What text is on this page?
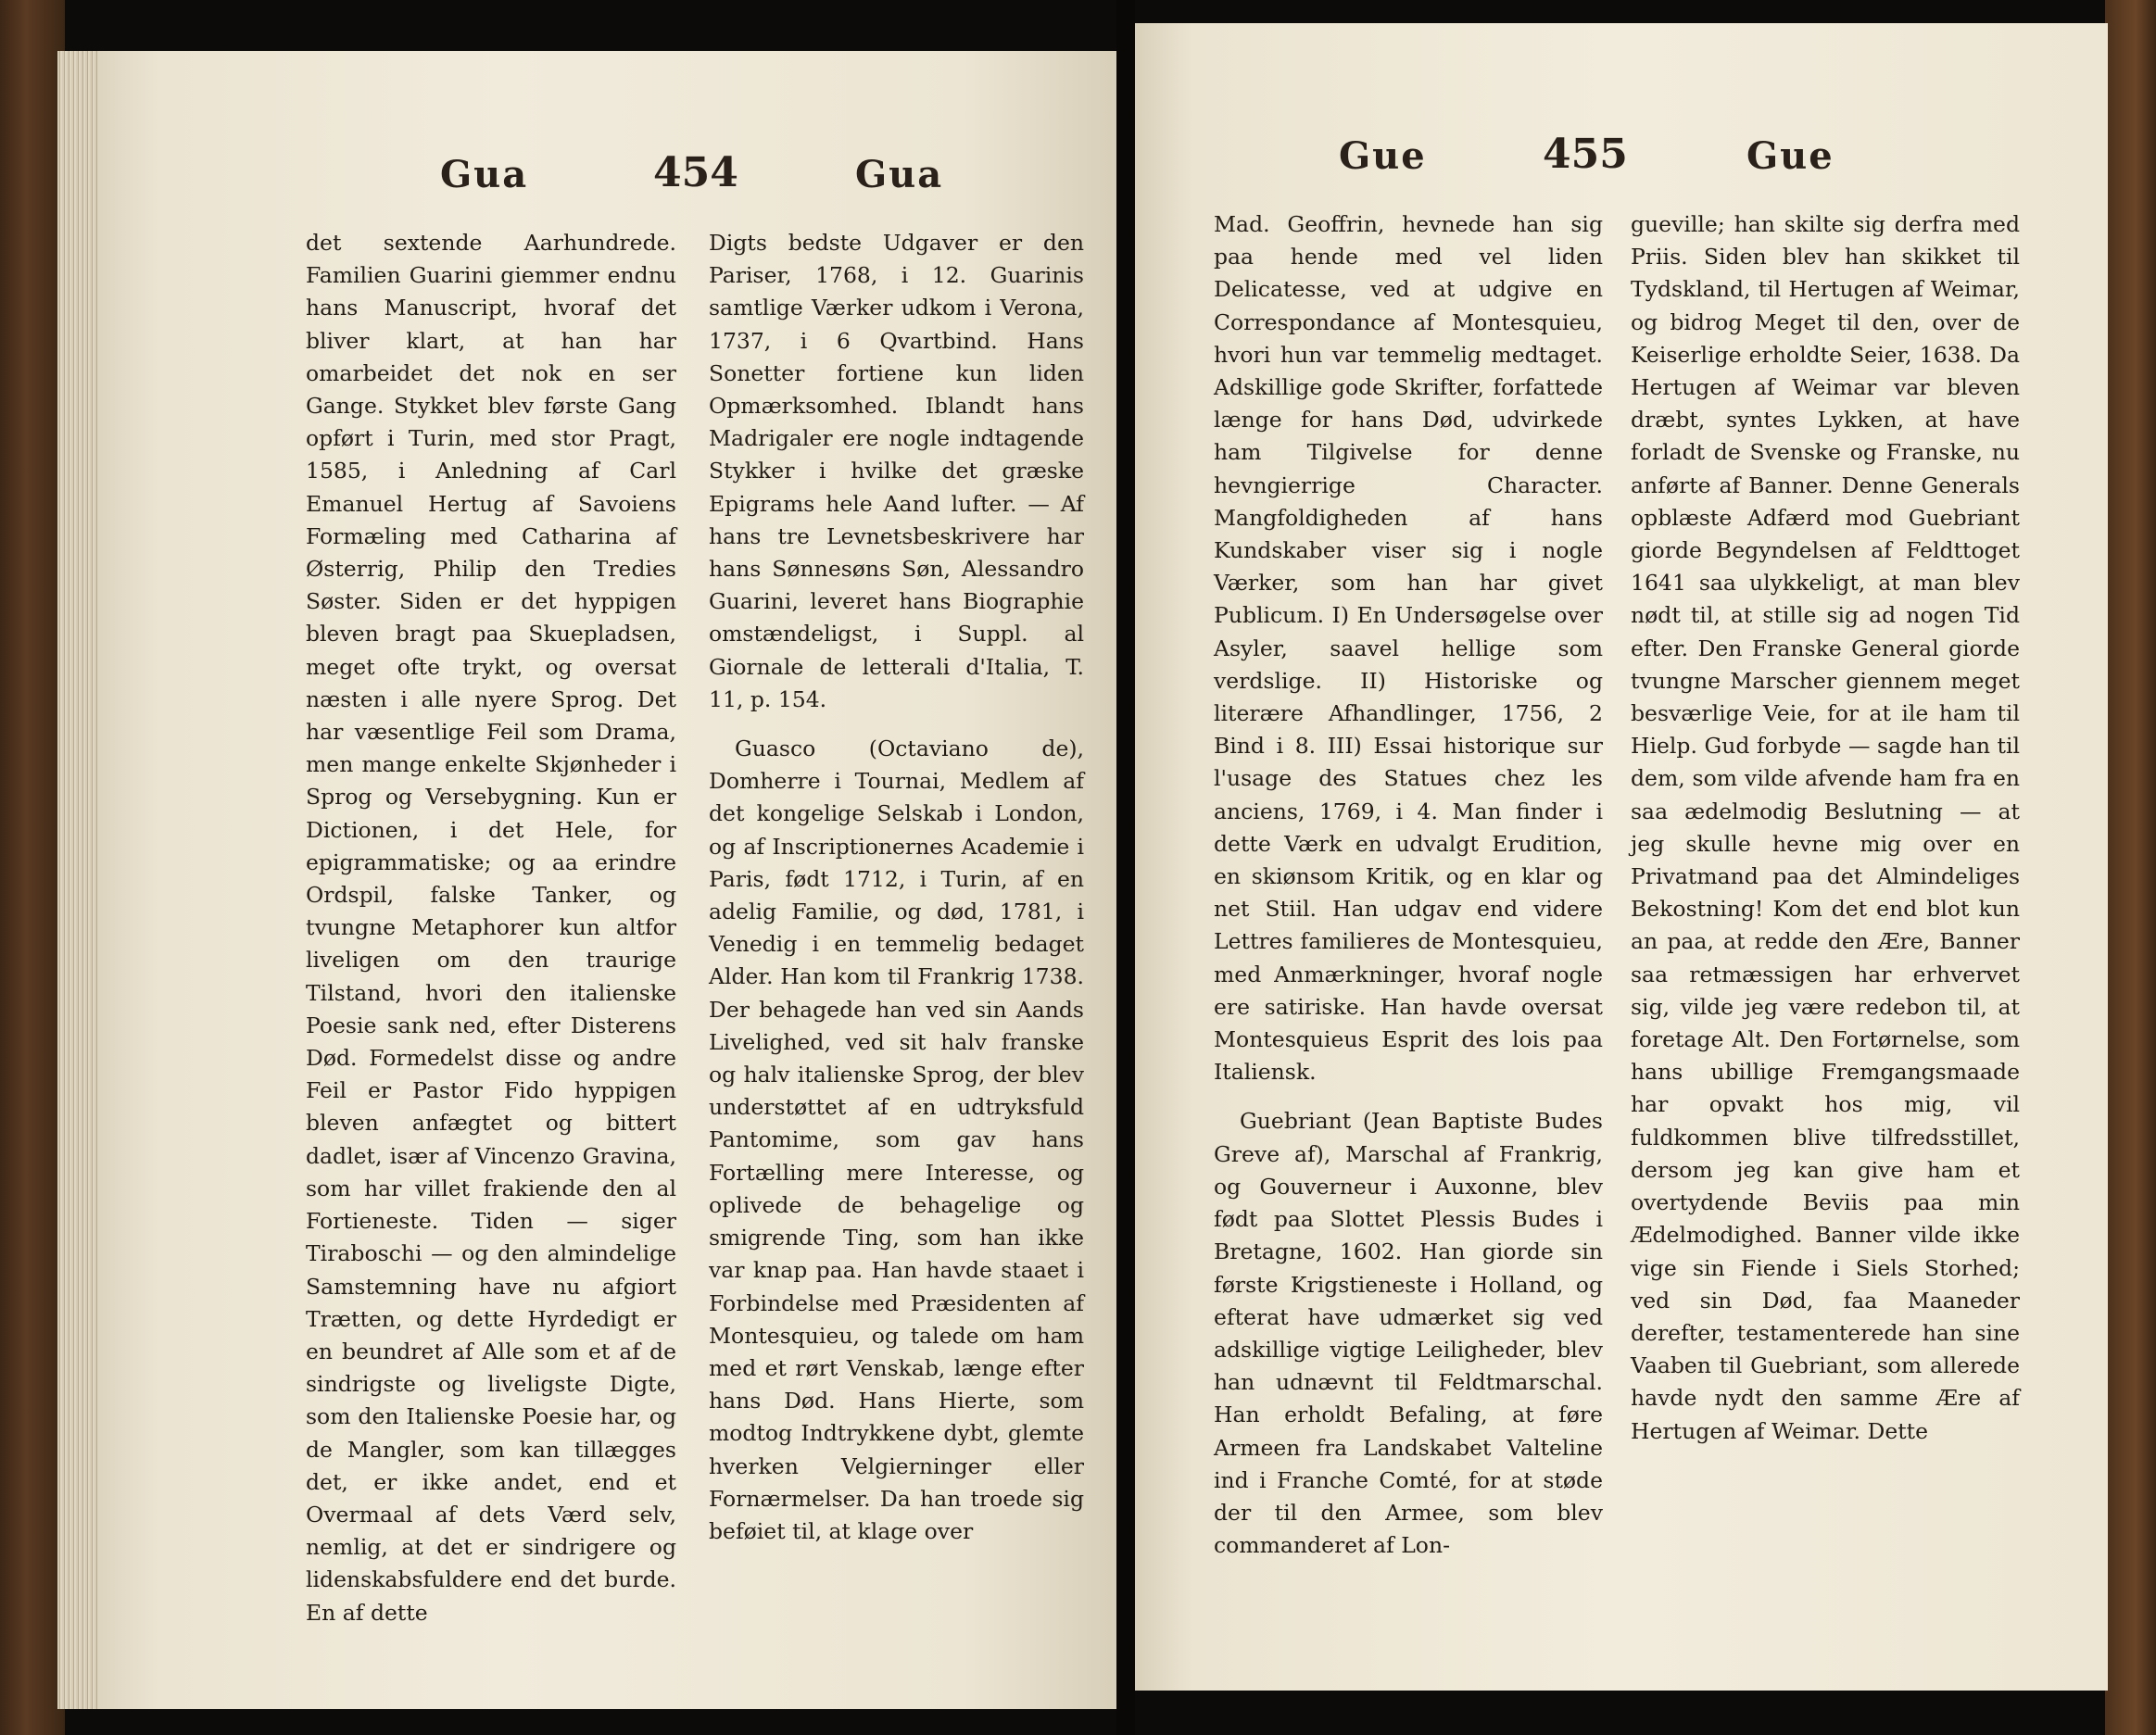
Gua	454	Gua

det sextende Aarhundrede. Familien Guarini giemmer endnu hans Manuscript, hvoraf det bliver klart, at han har omarbeidet det nok en ser Gange. Stykket blev første Gang opført i Turin, med stor Pragt, 1585, i Anledning af Carl Emanuel Hertug af Savoiens Formæling med Catharina af Østerrig, Philip den Tredies Søster. Siden er det hyppigen bleven bragt paa Skuepladsen, meget ofte trykt, og oversat næsten i alle nyere Sprog. Det har væsentlige Feil som Drama, men mange enkelte Skjønheder i Sprog og Versebygning. Kun er Dictionen, i det Hele, for epigrammatiske; og aa erindre Ordspil, falske Tanker, og tvungne Metaphorer kun altfor liveligen om den traurige Tilstand, hvori den italienske Poesie sank ned, efter Disterens Død. Formedelst disse og andre Feil er Pastor Fido hyppigen bleven anfægtet og bittert dadlet, især af Vincenzo Gravina, som har villet frakiende den al Fortieneste. Tiden — siger Tiraboschi — og den almindelige Samstemning have nu afgiort Trætten, og dette Hyrdedigt er en beundret af Alle som et af de sindrigste og liveligste Digte, som den Italienske Poesie har, og de Mangler, som kan tillægges det, er ikke andet, end et Overmaal af dets Værd selv, nemlig, at det er sindrigere og lidenskabsfuldere end det burde. En af dette

Digts bedste Udgaver er den Pariser, 1768, i 12. Guarinis samtlige Værker udkom i Verona, 1737, i 6 Qvartbind. Hans Sonetter fortiene kun liden Opmærksomhed. Iblandt hans Madrigaler ere nogle indtagende Stykker i hvilke det græske Epigrams hele Aand lufter. — Af hans tre Levnetsbeskrivere har hans Sønnesøns Søn, Alessandro Guarini, leveret hans Biographie omstændeligst, i Suppl. al Giornale de letterali d'Italia, T. 11, p. 154.

Guasco (Octaviano de), Domherre i Tournai, Medlem af det kongelige Selskab i London, og af Inscriptionernes Academie i Paris, født 1712, i Turin, af en adelig Familie, og død, 1781, i Venedig i en temmelig bedaget Alder. Han kom til Frankrig 1738. Der behagede han ved sin Aands Livelighed, ved sit halv franske og halv italienske Sprog, der blev understøttet af en udtryksfuld Pantomime, som gav hans Fortælling mere Interesse, og oplivede de behagelige og smigrende Ting, som han ikke var knap paa. Han havde staaet i Forbindelse med Præsidenten af Montesquieu, og talede om ham med et rørt Venskab, længe efter hans Død. Hans Hierte, som modtog Indtrykkene dybt, glemte hverken Velgierninger eller Fornærmelser. Da han troede sig beføiet til, at klage over

Gue	455	Gue

Mad. Geoffrin, hevnede han sig paa hende med vel liden Delicatesse, ved at udgive en Correspondance af Montesquieu, hvori hun var temmelig medtaget. Adskillige gode Skrifter, forfattede længe for hans Død, udvirkede ham Tilgivelse for denne hevngierrige Character. Mangfoldigheden af hans Kundskaber viser sig i nogle Værker, som han har givet Publicum. I) En Undersøgelse over Asyler, saavel hellige som verdslige. II) Historiske og literære Afhandlinger, 1756, 2 Bind i 8. III) Essai historique sur l'usage des Statues chez les anciens, 1769, i 4. Man finder i dette Værk en udvalgt Erudition, en skiønsom Kritik, og en klar og net Stiil. Han udgav end videre Lettres familieres de Montesquieu, med Anmærkninger, hvoraf nogle ere satiriske. Han havde oversat Montesquieus Esprit des lois paa Italiensk.

Guebriant (Jean Baptiste Budes Greve af), Marschal af Frankrig, og Gouverneur i Auxonne, blev født paa Slottet Plessis Budes i Bretagne, 1602. Han giorde sin første Krigstieneste i Holland, og efterat have udmærket sig ved adskillige vigtige Leiligheder, blev han udnævnt til Feldtmarschal. Han erholdt Befaling, at føre Armeen fra Landskabet Valteline ind i Franche Comté, for at støde der til den Armee, som blev commanderet af Lon-

gueville; han skilte sig derfra med Priis. Siden blev han skikket til Tydskland, til Hertugen af Weimar, og bidrog Meget til den, over de Keiserlige erholdte Seier, 1638. Da Hertugen af Weimar var bleven dræbt, syntes Lykken, at have forladt de Svenske og Franske, nu anførte af Banner. Denne Generals opblæste Adfærd mod Guebriant giorde Begyndelsen af Feldttoget 1641 saa ulykkeligt, at man blev nødt til, at stille sig ad nogen Tid efter. Den Franske General giorde tvungne Marscher giennem meget besværlige Veie, for at ile ham til Hielp. Gud forbyde — sagde han til dem, som vilde afvende ham fra en saa ædelmodig Beslutning — at jeg skulle hevne mig over en Privatmand paa det Almindeliges Bekostning! Kom det end blot kun an paa, at redde den Ære, Banner saa retmæssigen har erhvervet sig, vilde jeg være redebon til, at foretage Alt. Den Fortørnelse, som hans ubillige Fremgangsmaade har opvakt hos mig, vil fuldkommen blive tilfredsstillet, dersom jeg kan give ham et overtydende Beviis paa min Ædelmodighed. Banner vilde ikke vige sin Fiende i Siels Storhed; ved sin Død, faa Maaneder derefter, testamenterede han sine Vaaben til Guebriant, som allerede havde nydt den samme Ære af Hertugen af Weimar. Dette
